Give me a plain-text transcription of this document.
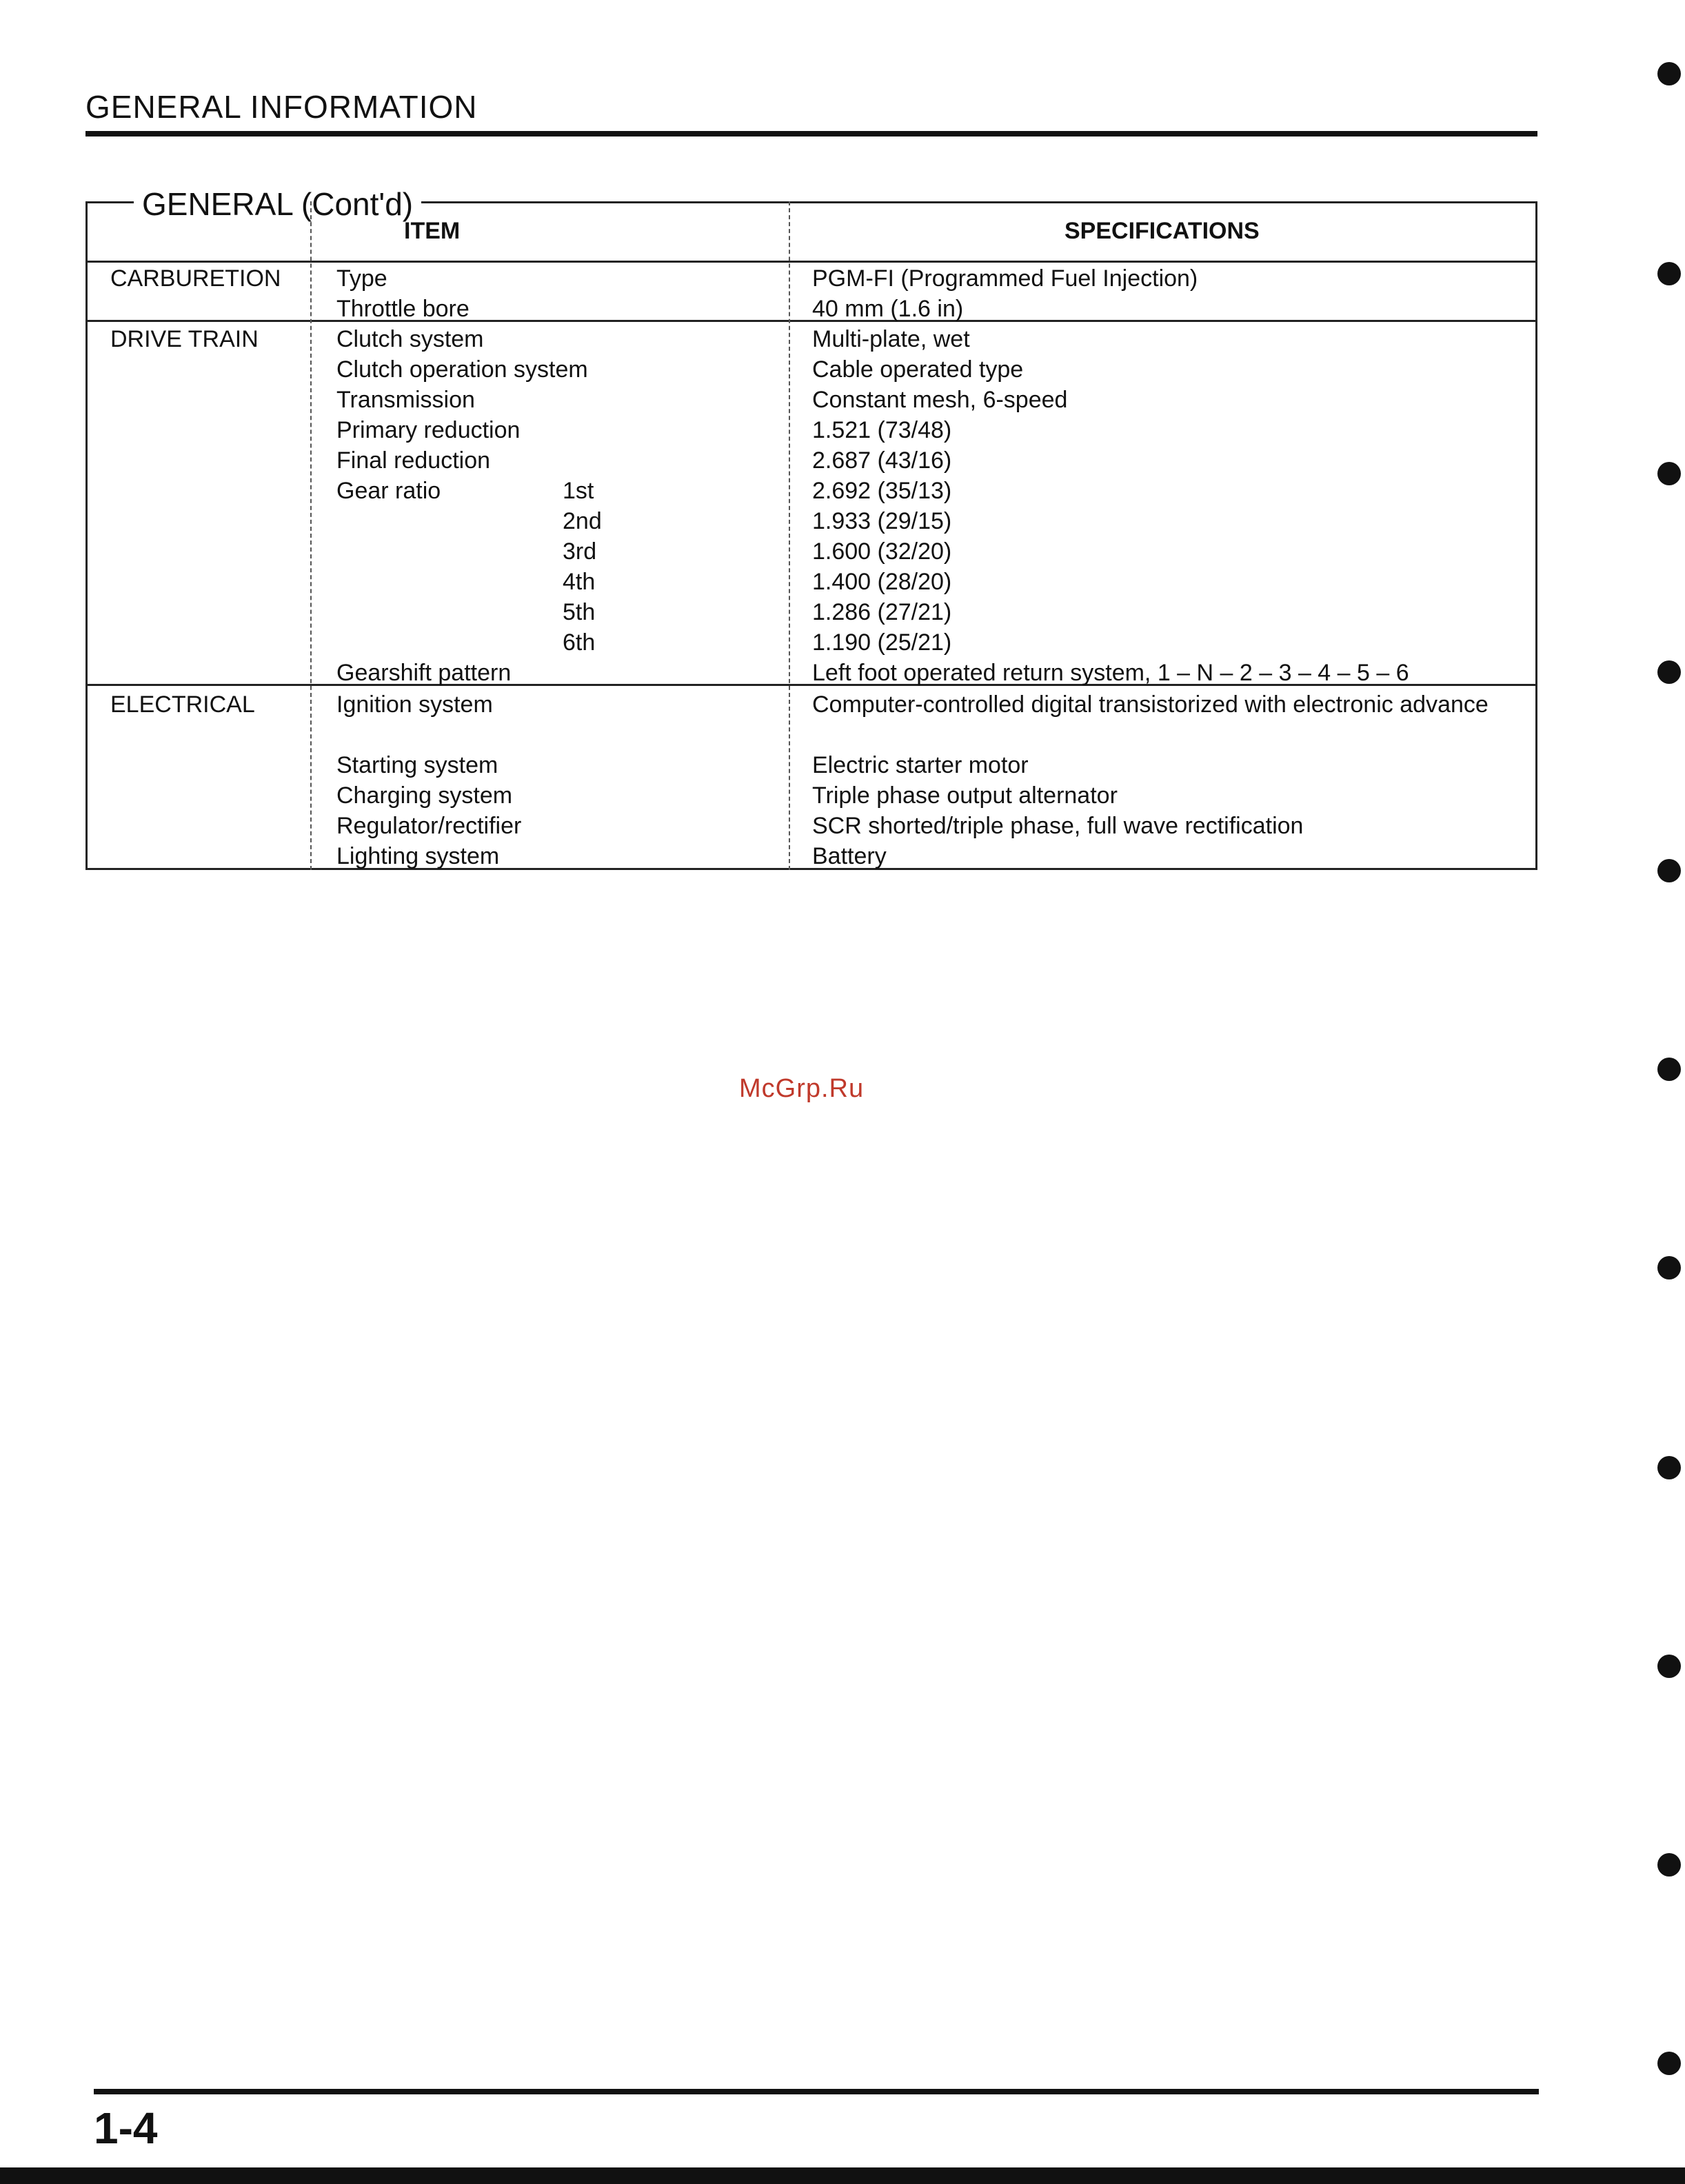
GENERAL INFORMATION
GENERAL (Cont'd)
ITEM	SPECIFICATIONS
CARBURETION Type	PGM-FI (Programmed Fuel Injection)
Throttle bore	40 mm (1.6 in)
DRIVE TRAIN	Clutch system	Multi-plate, wet
Clutch operation system	Cable operated type
Transmission	Constant mesh, 6-speed
Primary reduction	1.521 (73/48)
Final reduction	2.687 (43/16)
Gear ratio	1st	2.692 (35/13)
2nd	1.933 (29/15)
3rd	1.600 (32/20)
4th	1.400 (28/20)
5th	1.286 (27/21)
6th	1.190 (25/21)
Gearshift pattern	Left foot operated return system, 1 – N – 2 – 3 – 4 – 5 – 6
ELECTRICAL	Ignition system	Computer-controlled digital transistorized with electronic advance
Starting system	Electric starter motor
Charging system	Triple phase output alternator
Regulator/rectifier	SCR shorted/triple phase, full wave rectification
Lighting system	Battery
McGrp.Ru
1-4
